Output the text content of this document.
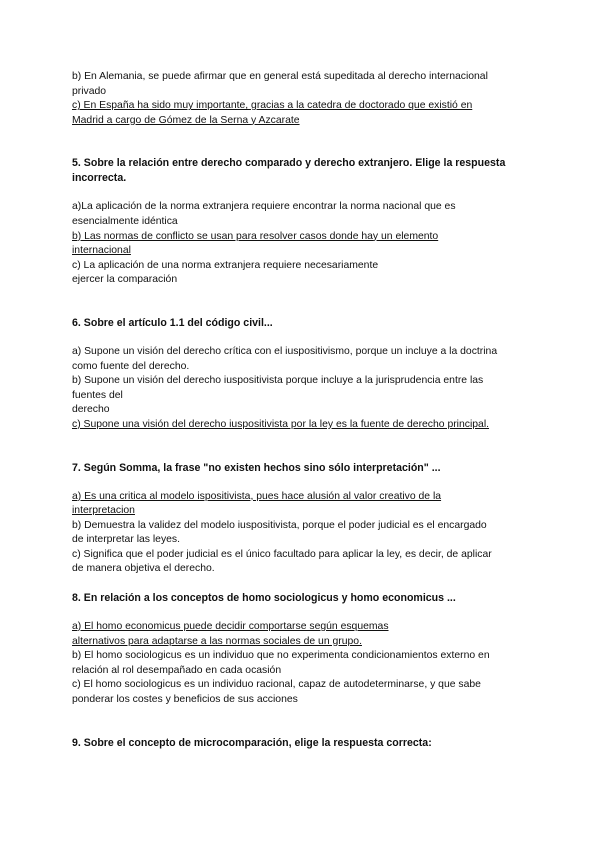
b) En Alemania, se puede afirmar que en general está supeditada al derecho internacional

privado

c) En España ha sido muy importante, gracias a la catedra de doctorado que existió en

Madrid a cargo de Gómez de la Serna y Azcarate

5. Sobre la relación entre derecho comparado y derecho extranjero. Elige la respuesta

incorrecta.

a)La aplicación de la norma extranjera requiere encontrar la norma nacional que es

esencialmente idéntica

b) Las normas de conflicto se usan para resolver casos donde hay un elemento

internacional

c) La aplicación de una norma extranjera requiere necesariamente

ejercer la comparación

6. Sobre el artículo 1.1 del código civil...

a) Supone un visión del derecho crítica con el iuspositivismo, porque un incluye a la doctrina

como fuente del derecho.

b) Supone un visión del derecho iuspositivista porque incluye a la jurisprudencia entre las

fuentes del

derecho

c) Supone una visión del derecho iuspositivista por la ley es la fuente de derecho principal.

7. Según Somma, la frase "no existen hechos sino sólo interpretación" ...

a) Es una critica al modelo ispositivista, pues hace alusión al valor creativo de la

interpretacion

b) Demuestra la validez del modelo iuspositivista, porque el poder judicial es el encargado

de interpretar las leyes.

c) Significa que el poder judicial es el único facultado para aplicar la ley, es decir, de aplicar

de manera objetiva el derecho.

8. En relación a los conceptos de homo sociologicus y homo economicus ...

a) El homo economicus puede decidir comportarse según esquemas

alternativos para adaptarse a las normas sociales de un grupo.

b) El homo sociologicus es un individuo que no experimenta condicionamientos externo en

relación al rol desempañado en cada ocasión

c) El homo sociologicus es un individuo racional, capaz de autodeterminarse, y que sabe

ponderar los costes y beneficios de sus acciones

9. Sobre el concepto de microcomparación, elige la respuesta correcta:
